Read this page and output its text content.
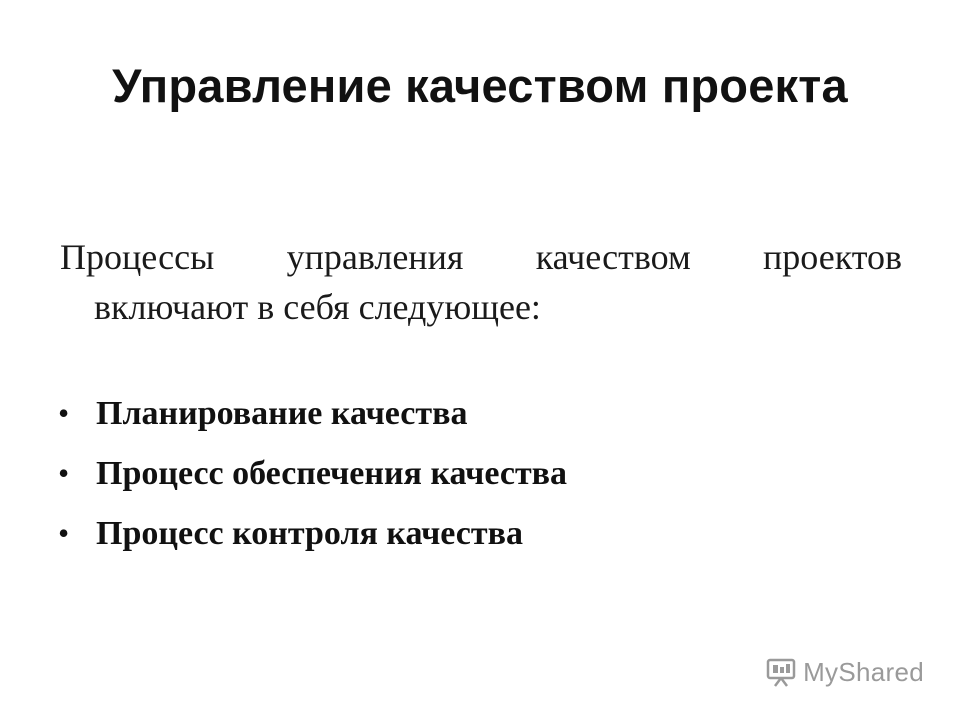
Управление качеством проекта
Процессы управления качеством проектов
включают в себя следующее:
• Планирование качества
• Процесс обеспечения качества
• Процесс контроля качества
MyShared
